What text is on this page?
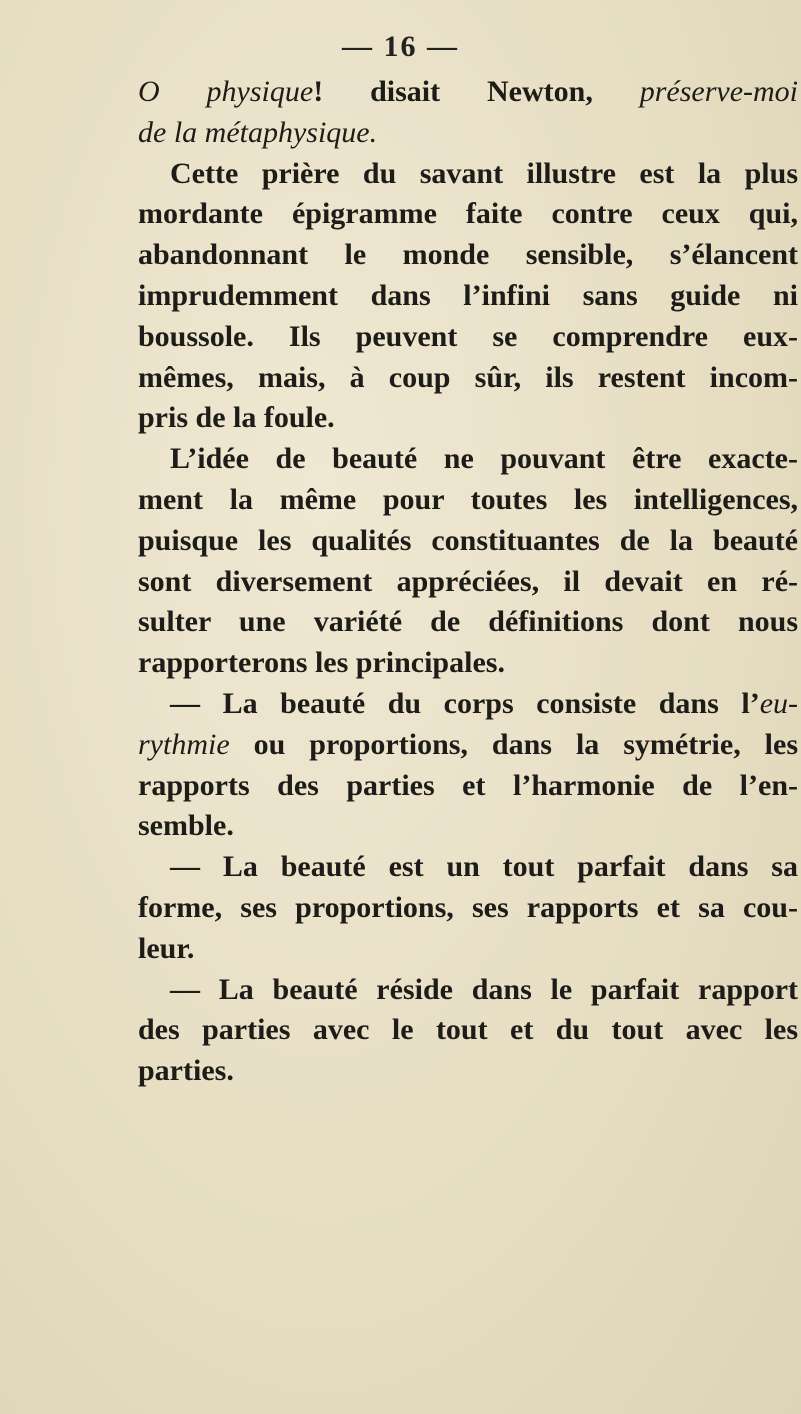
— 16 —
O physique! disait Newton, préserve-moi
de la métaphysique.
Cette prière du savant illustre est la plus
mordante épigramme faite contre ceux qui,
abandonnant le monde sensible, s’élancent
imprudemment dans l’infini sans guide ni
boussole. Ils peuvent se comprendre eux-
mêmes, mais, à coup sûr, ils restent incom-
pris de la foule.
L’idée de beauté ne pouvant être exacte-
ment la même pour toutes les intelligences,
puisque les qualités constituantes de la beauté
sont diversement appréciées, il devait en ré-
sulter une variété de définitions dont nous
rapporterons les principales.
— La beauté du corps consiste dans l’eu-
rythmie ou proportions, dans la symétrie, les
rapports des parties et l’harmonie de l’en-
semble.
— La beauté est un tout parfait dans sa
forme, ses proportions, ses rapports et sa cou-
leur.
— La beauté réside dans le parfait rapport
des parties avec le tout et du tout avec les
parties.
